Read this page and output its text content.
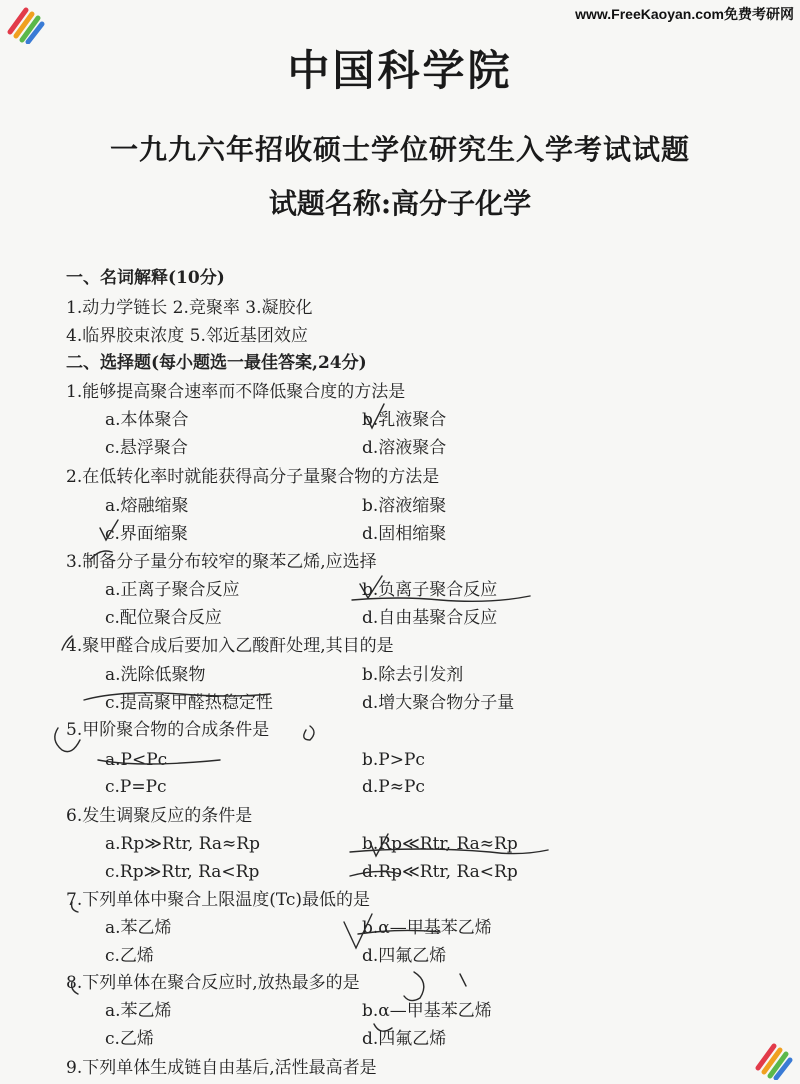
www.FreeKaoyan.com免费考研网
中国科学院
一九九六年招收硕士学位研究生入学考试试题
试题名称:高分子化学
一、名词解释(10分)
1.动力学链长 2.竞聚率 3.凝胶化
4.临界胶束浓度 5.邻近基团效应
二、选择题(每小题选一最佳答案,24分)
1.能够提高聚合速率而不降低聚合度的方法是
a.本体聚合	b.乳液聚合
c.悬浮聚合	d.溶液聚合
2.在低转化率时就能获得高分子量聚合物的方法是
a.熔融缩聚	b.溶液缩聚
c.界面缩聚	d.固相缩聚
3.制备分子量分布较窄的聚苯乙烯,应选择
a.正离子聚合反应	b.负离子聚合反应
c.配位聚合反应	d.自由基聚合反应
4.聚甲醛合成后要加入乙酸酐处理,其目的是
a.洗除低聚物	b.除去引发剂
c.提高聚甲醛热稳定性	d.增大聚合物分子量
5.甲阶聚合物的合成条件是
a.P<Pc	b.P>Pc
c.P=Pc	d.P≈Pc
6.发生调聚反应的条件是
a.Rp≫Rtr, Ra≈Rp	b.Rp≪Rtr, Ra≈Rp
c.Rp≫Rtr, Ra<Rp	d.Rp≪Rtr, Ra<Rp
7.下列单体中聚合上限温度(Tc)最低的是
a.苯乙烯	b.α—甲基苯乙烯
c.乙烯	d.四氟乙烯
8.下列单体在聚合反应时,放热最多的是
a.苯乙烯	b.α—甲基苯乙烯
c.乙烯	d.四氟乙烯
9.下列单体生成链自由基后,活性最高者是
